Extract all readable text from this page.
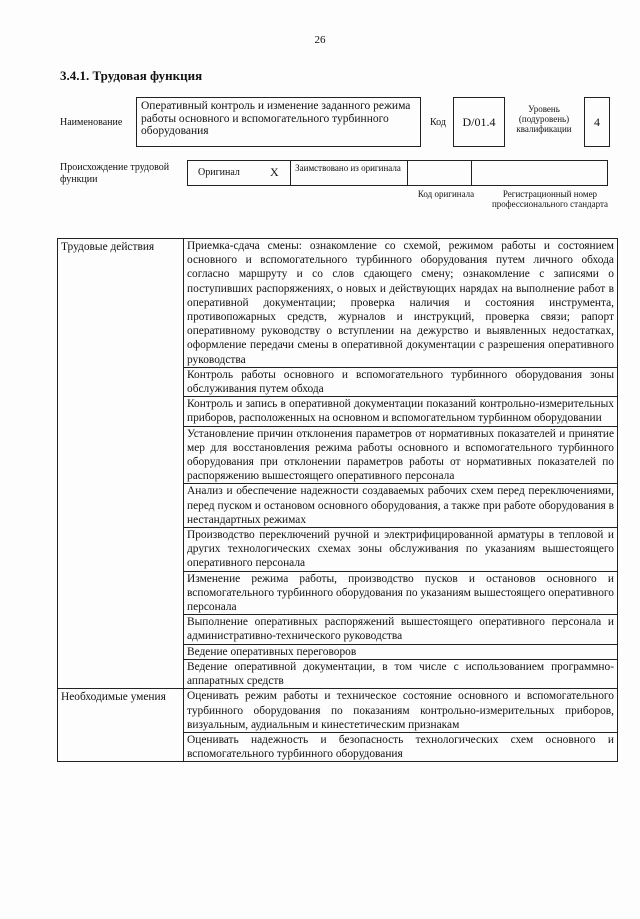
26
3.4.1. Трудовая функция
Наименование
Оперативный контроль и изменение заданного режима работы основного и вспомогательного турбинного оборудования
Код	D/01.4
Уровень (подуровень) квалификации	4
Происхождение трудовой функции
Оригинал	X	Заимствовано из оригинала
Код оригинала	Регистрационный номер профессионального стандарта
Трудовые действия	Приемка-сдача смены: ознакомление со схемой, режимом работы и состоянием основного и вспомогательного турбинного оборудования путем личного обхода согласно маршруту и со слов сдающего смену; ознакомление с записями о поступивших распоряжениях, о новых и действующих нарядах на выполнение работ в оперативной документации; проверка наличия и состояния инструмента, противопожарных средств, журналов и инструкций, проверка связи; рапорт оперативному руководству о вступлении на дежурство и выявленных недостатках, оформление передачи смены в оперативной документации с разрешения оперативного руководства
	Контроль работы основного и вспомогательного турбинного оборудования зоны обслуживания путем обхода
	Контроль и запись в оперативной документации показаний контрольно-измерительных приборов, расположенных на основном и вспомогательном турбинном оборудовании
	Установление причин отклонения параметров от нормативных показателей и принятие мер для восстановления режима работы основного и вспомогательного турбинного оборудования при отклонении параметров работы от нормативных показателей по распоряжению вышестоящего оперативного персонала
	Анализ и обеспечение надежности создаваемых рабочих схем перед переключениями, перед пуском и остановом основного оборудования, а также при работе оборудования в нестандартных режимах
	Производство переключений ручной и электрифицированной арматуры в тепловой и других технологических схемах зоны обслуживания по указаниям вышестоящего оперативного персонала
	Изменение режима работы, производство пусков и остановов основного и вспомогательного турбинного оборудования по указаниям вышестоящего оперативного персонала
	Выполнение оперативных распоряжений вышестоящего оперативного персонала и административно-технического руководства
	Ведение оперативных переговоров
	Ведение оперативной документации, в том числе с использованием программно-аппаратных средств
Необходимые умения	Оценивать режим работы и техническое состояние основного и вспомогательного турбинного оборудования по показаниям контрольно-измерительных приборов, визуальным, аудиальным и кинестетическим признакам
	Оценивать надежность и безопасность технологических схем основного и вспомогательного турбинного оборудования
